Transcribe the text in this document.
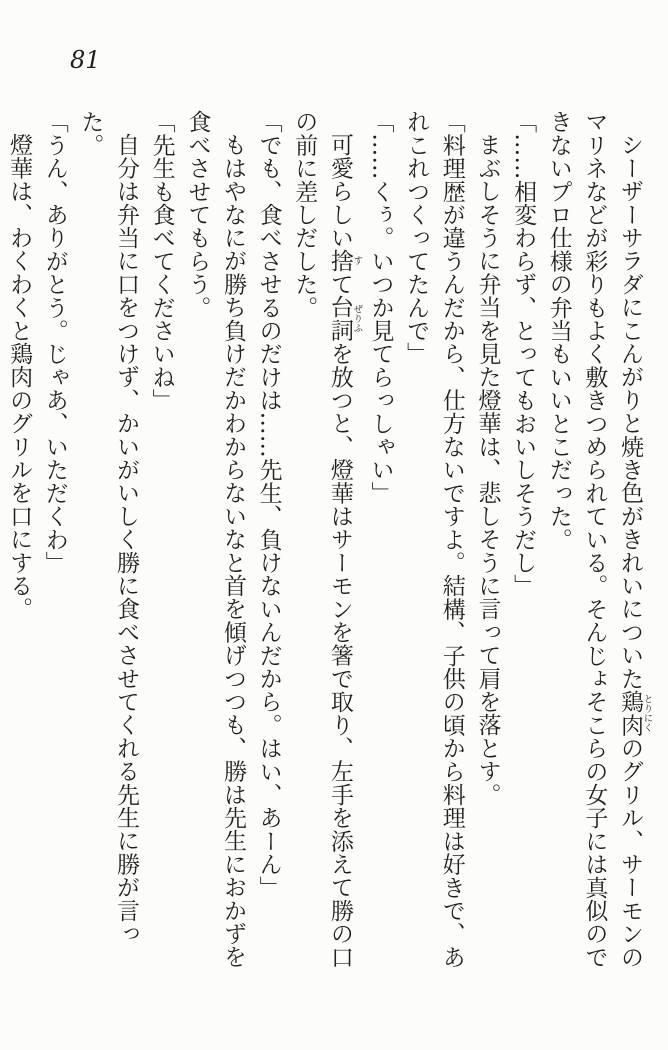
81

シーザーサラダにこんがりと焼き色がきれいについた鶏肉とりにくのグリル、サーモンのマリネなどが彩りもよく敷きつめられている。そんじょそこらの女子には真似のできないプロ仕様の弁当もいいとこだった。

「……相変わらず、とってもおいしそうだし」

まぶしそうに弁当を見た燈華は、悲しそうに言って肩を落とす。

「料理歴が違うんだから、仕方ないですよ。結構、子供の頃から料理は好きで、あれこれつくってたんで」

「……くぅ。いつか見てらっしゃい」

可愛らしい捨すて台詞ぜりふを放つと、燈華はサーモンを箸で取り、左手を添えて勝の口の前に差しだした。

「でも、食べさせるのだけは……先生、負けないんだから。はい、あーん」

もはやなにが勝ち負けだかわからないなと首を傾げつつも、勝は先生におかずを食べさせてもらう。

「先生も食べてくださいね」

自分は弁当に口をつけず、かいがいしく勝に食べさせてくれる先生に勝が言った。

「うん、ありがとう。じゃあ、いただくわ」

燈華は、わくわくと鶏肉のグリルを口にする。
